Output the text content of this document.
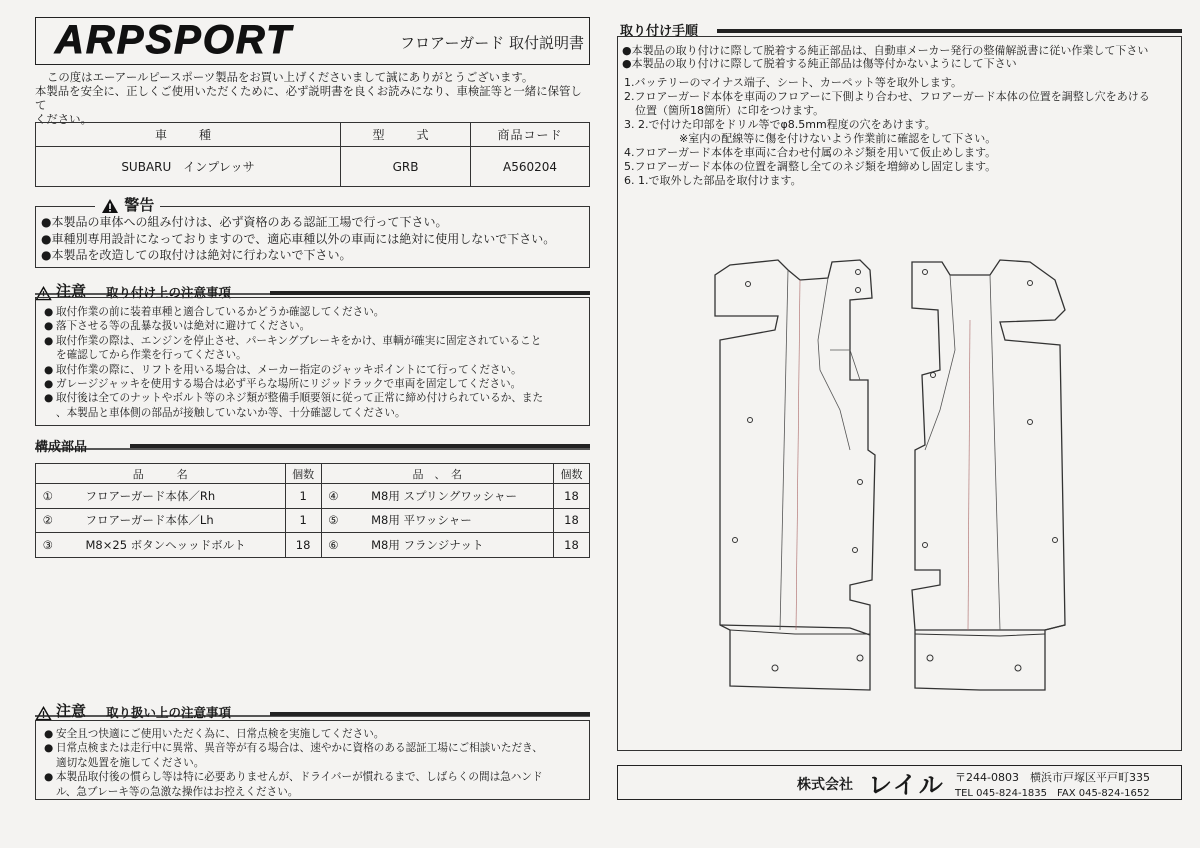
ARPSPORT	フロアーガード 取付説明書
この度はエーアールピースポーツ製品をお買い上げくださいまして誠にありがとうございます。
本製品を安全に、正しくご使用いただくために、必ず説明書を良くお読みになり、車検証等と一緒に保管して
ください。
車　種	型　式	商品コード
SUBARU　インプレッサ	GRB	A560204
●本製品の車体への組み付けは、必ず資格のある認証工場で行って下さい。
●車種別専用設計になっておりますので、適応車種以外の車両には絶対に使用しないで下さい。
●本製品を改造しての取付けは絶対に行わないで下さい。
警告
注意 取り付け上の注意事項
● 取付作業の前に装着車種と適合しているかどうか確認してください。
● 落下させる等の乱暴な扱いは絶対に避けてください。
● 取付作業の際は、エンジンを停止させ、パーキングブレーキをかけ、車輌が確実に固定されていること
を確認してから作業を行ってください。
● 取付作業の際に、リフトを用いる場合は、メーカー指定のジャッキポイントにて行ってください。
● ガレージジャッキを使用する場合は必ず平らな場所にリジッドラックで車両を固定してください。
● 取付後は全てのナットやボルト等のネジ類が整備手順要領に従って正常に締め付けられているか、また
、本製品と車体側の部品が接触していないか等、十分確認してください。
構成部品
品　　　名		個数	品　、　名		個数
①	フロアーガード本体／Rh	1	④	M8用 スプリングワッシャー	18
②	フロアーガード本体／Lh	1	⑤	M8用 平ワッシャー	18
③	M8×25 ボタンヘッッドボルト	18	⑥	M8用 フランジナット	18
注意 取り扱い上の注意事項
● 安全且つ快適にご使用いただく為に、日常点検を実施してください。
● 日常点検または走行中に異常、異音等が有る場合は、速やかに資格のある認証工場にご相談いただき、
適切な処置を施してください。
● 本製品取付後の慣らし等は特に必要ありませんが、ドライバーが慣れるまで、しばらくの間は急ハンド
ル、急ブレーキ等の急激な操作はお控えください。
取り付け手順
●本製品の取り付けに際して脱着する純正部品は、自動車メーカー発行の整備解説書に従い作業して下さい
●本製品の取り付けに際して脱着する純正部品は傷等付かないようにして下さい
1.バッテリーのマイナス端子、シート、カーペット等を取外します。
2.フロアーガード本体を車両のフロアーに下側より合わせ、フロアーガード本体の位置を調整し穴をあける
　位置（箇所18箇所）に印をつけます。
3. 2.で付けた印部をドリル等でφ8.5mm程度の穴をあけます。
　　　　　※室内の配線等に傷を付けないよう作業前に確認をして下さい。
4.フロアーガード本体を車両に合わせ付属のネジ類を用いて仮止めします。
5.フロアーガード本体の位置を調整し全てのネジ類を増締めし固定します。
6. 1.で取外した部品を取付けます。
株式会社 レイル 〒244-0803　横浜市戸塚区平戸町335
TEL 045-824-1835　FAX 045-824-1652
